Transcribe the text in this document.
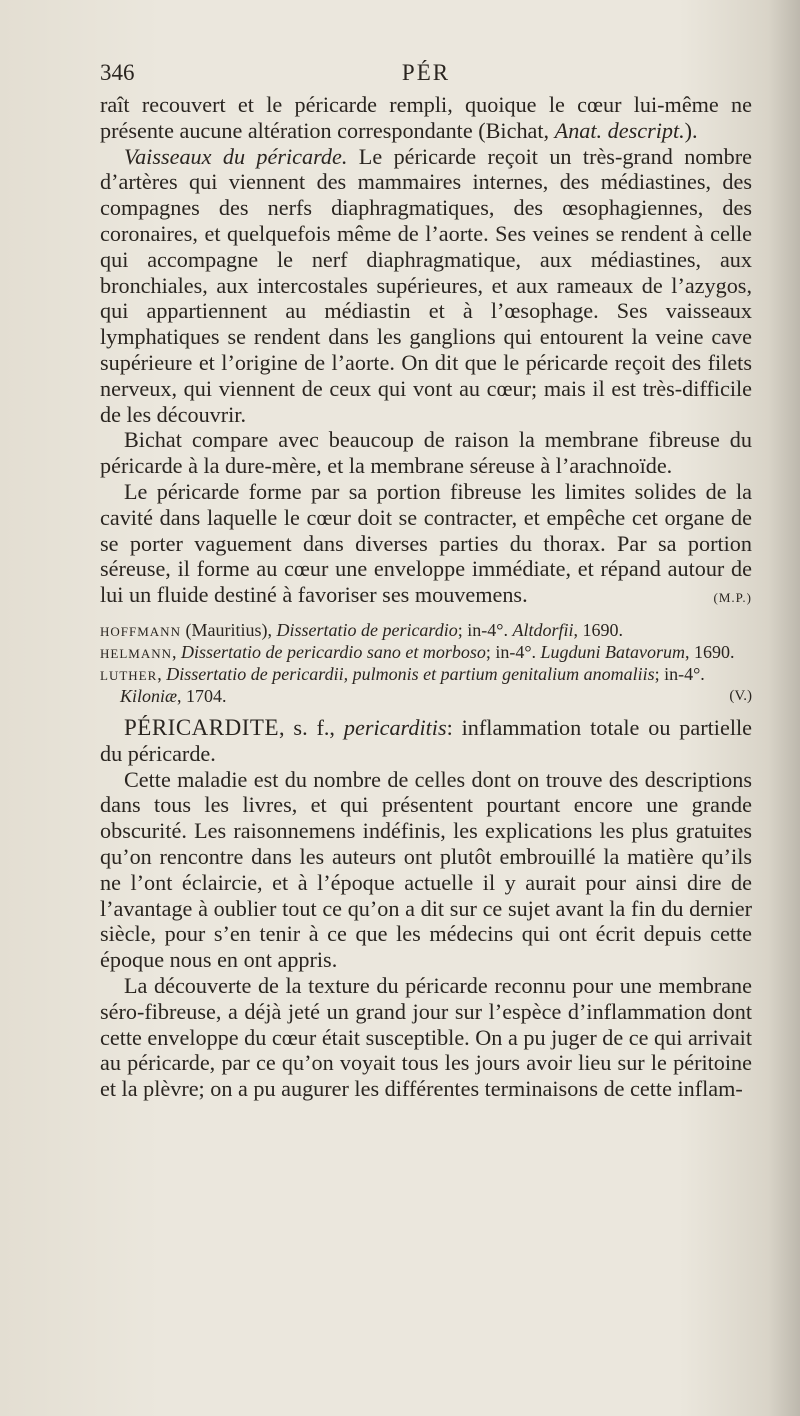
346	PÉR

raît recouvert et le péricarde rempli, quoique le cœur lui-même ne présente aucune altération correspondante (Bichat, Anat. descript.).

Vaisseaux du péricarde. Le péricarde reçoit un très-grand nombre d’artères qui viennent des mammaires internes, des médiastines, des compagnes des nerfs diaphragmatiques, des œsophagiennes, des coronaires, et quelquefois même de l’aorte. Ses veines se rendent à celle qui accompagne le nerf diaphragmatique, aux médiastines, aux bronchiales, aux intercostales supérieures, et aux rameaux de l’azygos, qui appartiennent au médiastin et à l’œsophage. Ses vaisseaux lymphatiques se rendent dans les ganglions qui entourent la veine cave supérieure et l’origine de l’aorte. On dit que le péricarde reçoit des filets nerveux, qui viennent de ceux qui vont au cœur; mais il est très-difficile de les découvrir.

Bichat compare avec beaucoup de raison la membrane fibreuse du péricarde à la dure-mère, et la membrane séreuse à l’arachnoïde.

Le péricarde forme par sa portion fibreuse les limites solides de la cavité dans laquelle le cœur doit se contracter, et empêche cet organe de se porter vaguement dans diverses parties du thorax. Par sa portion séreuse, il forme au cœur une enveloppe immédiate, et répand autour de lui un fluide destiné à favoriser ses mouvemens.	(M.P.)

HOFFMANN (Mauritius), Dissertatio de pericardio; in-4°. Altdorfii, 1690.
HELMANN, Dissertatio de pericardio sano et morboso; in-4°. Lugduni Batavorum, 1690.
LUTHER, Dissertatio de pericardii, pulmonis et partium genitalium anomaliis; in-4°. Kiloniæ, 1704.	(V.)

PÉRICARDITE, s. f., pericarditis: inflammation totale ou partielle du péricarde.

Cette maladie est du nombre de celles dont on trouve des descriptions dans tous les livres, et qui présentent pourtant encore une grande obscurité. Les raisonnemens indéfinis, les explications les plus gratuites qu’on rencontre dans les auteurs ont plutôt embrouillé la matière qu’ils ne l’ont éclaircie, et à l’époque actuelle il y aurait pour ainsi dire de l’avantage à oublier tout ce qu’on a dit sur ce sujet avant la fin du dernier siècle, pour s’en tenir à ce que les médecins qui ont écrit depuis cette époque nous en ont appris.

La découverte de la texture du péricarde reconnu pour une membrane séro-fibreuse, a déjà jeté un grand jour sur l’espèce d’inflammation dont cette enveloppe du cœur était susceptible. On a pu juger de ce qui arrivait au péricarde, par ce qu’on voyait tous les jours avoir lieu sur le péritoine et la plèvre; on a pu augurer les différentes terminaisons de cette inflam-
